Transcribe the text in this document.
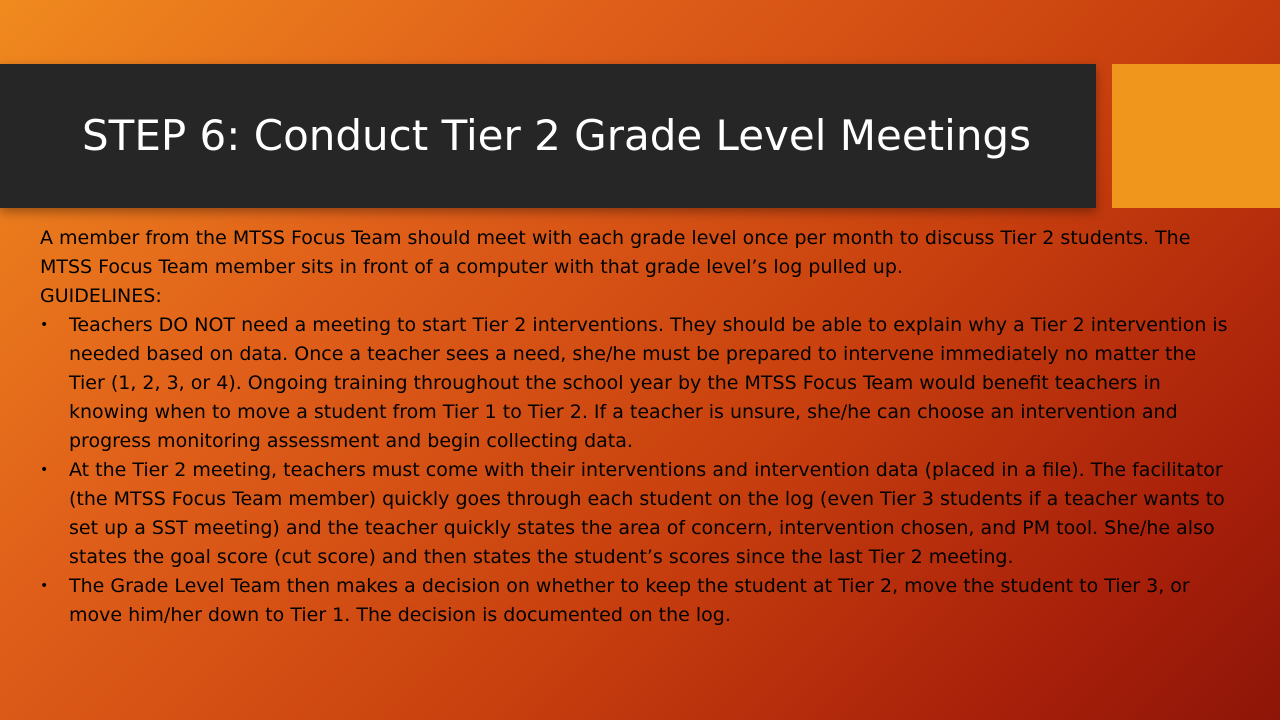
STEP 6: Conduct Tier 2 Grade Level Meetings

A member from the MTSS Focus Team should meet with each grade level once per month to discuss Tier 2 students. The MTSS Focus Team member sits in front of a computer with that grade level’s log pulled up.

GUIDELINES:

•	Teachers DO NOT need a meeting to start Tier 2 interventions. They should be able to explain why a Tier 2 intervention is needed based on data. Once a teacher sees a need, she/he must be prepared to intervene immediately no matter the Tier (1, 2, 3, or 4). Ongoing training throughout the school year by the MTSS Focus Team would benefit teachers in knowing when to move a student from Tier 1 to Tier 2. If a teacher is unsure, she/he can choose an intervention and progress monitoring assessment and begin collecting data.
•	At the Tier 2 meeting, teachers must come with their interventions and intervention data (placed in a file). The facilitator (the MTSS Focus Team member) quickly goes through each student on the log (even Tier 3 students if a teacher wants to set up a SST meeting) and the teacher quickly states the area of concern, intervention chosen, and PM tool. She/he also states the goal score (cut score) and then states the student’s scores since the last Tier 2 meeting.
•	The Grade Level Team then makes a decision on whether to keep the student at Tier 2, move the student to Tier 3, or move him/her down to Tier 1. The decision is documented on the log.
